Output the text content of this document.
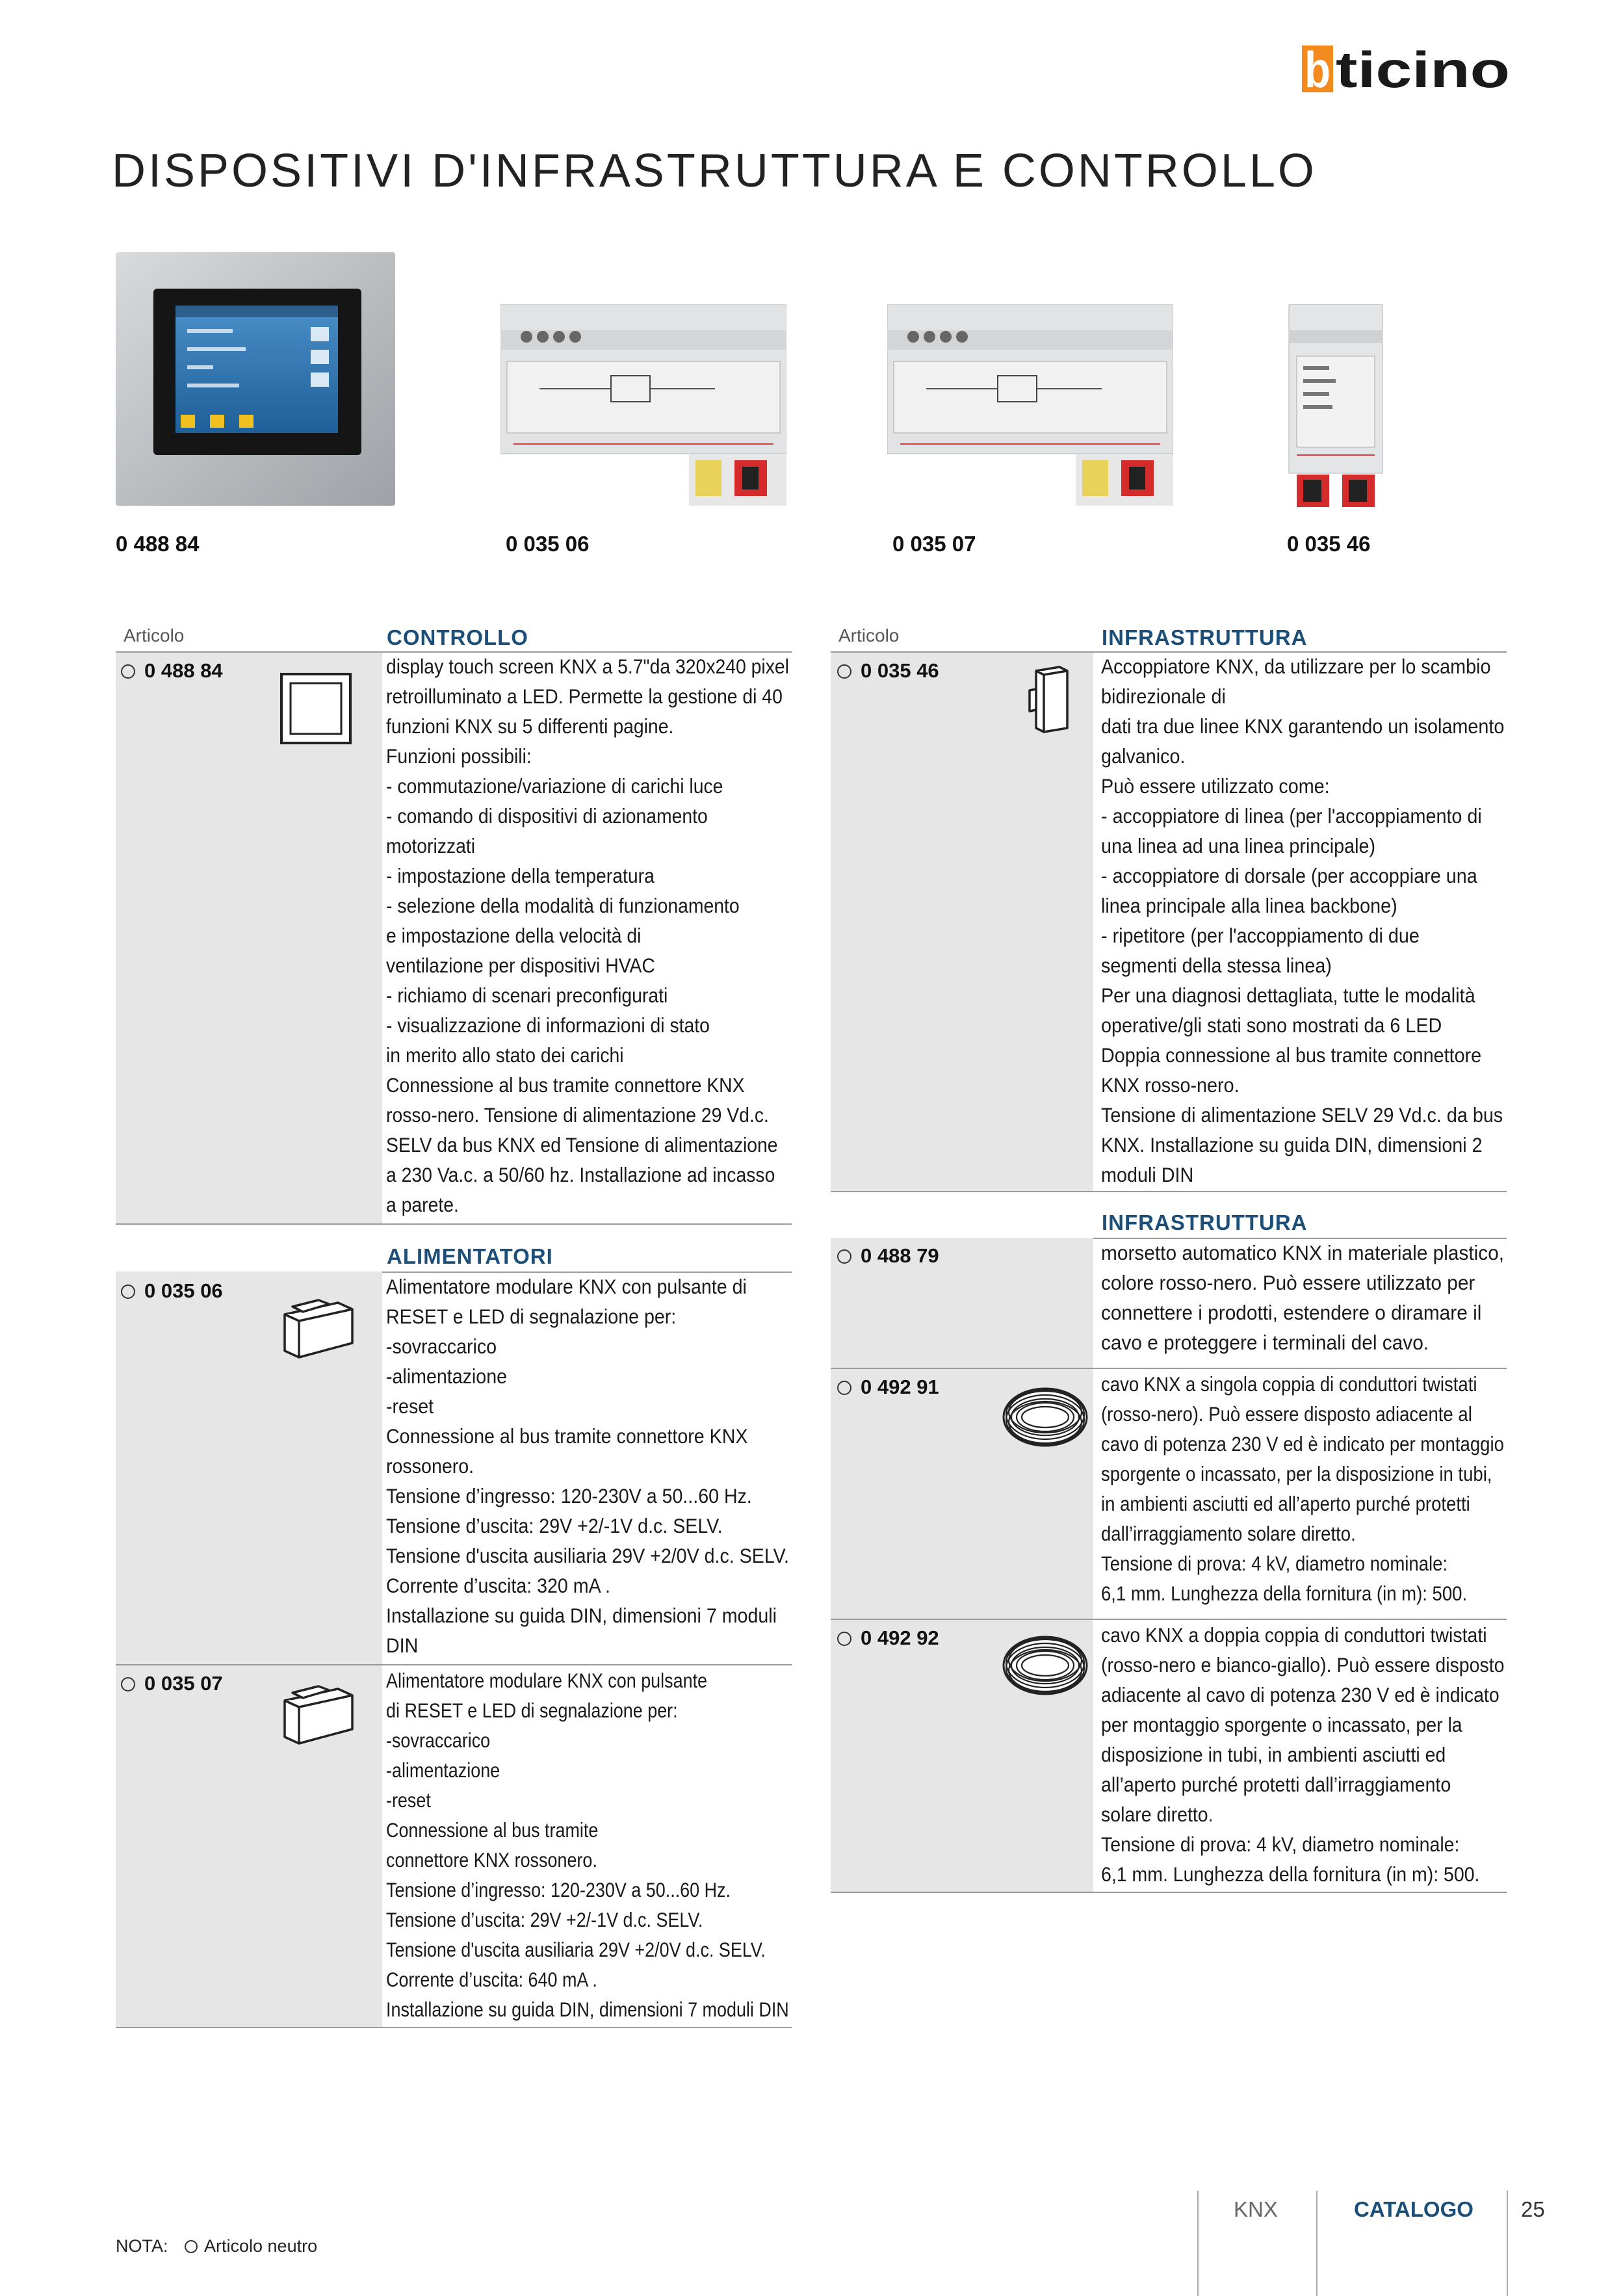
b ticino
DISPOSITIVI D'INFRASTRUTTURA E CONTROLLO
0 488 84	0 035 06	0 035 07	0 035 46
Articolo	CONTROLLO
0 488 84	display touch screen KNX a 5.7"da 320x240 pixel
retroilluminato a LED. Permette la gestione di 40
funzioni KNX su 5 differenti pagine.
Funzioni possibili:
- commutazione/variazione di carichi luce
- comando di dispositivi di azionamento
motorizzati
- impostazione della temperatura
- selezione della modalità di funzionamento
e impostazione della velocità di
ventilazione per dispositivi HVAC
- richiamo di scenari preconfigurati
- visualizzazione di informazioni di stato
in merito allo stato dei carichi
Connessione al bus tramite connettore KNX
rosso-nero. Tensione di alimentazione 29 Vd.c.
SELV da bus KNX ed Tensione di alimentazione
a 230 Va.c. a 50/60 hz. Installazione ad incasso
a parete.
ALIMENTATORI
0 035 06	Alimentatore modulare KNX con pulsante di
RESET e LED di segnalazione per:
-sovraccarico
-alimentazione
-reset
Connessione al bus tramite connettore KNX
rossonero.
Tensione d’ingresso: 120-230V a 50...60 Hz.
Tensione d’uscita: 29V +2/-1V d.c. SELV.
Tensione d'uscita ausiliaria 29V +2/0V d.c. SELV.
Corrente d’uscita: 320 mA .
Installazione su guida DIN, dimensioni 7 moduli
DIN
0 035 07	Alimentatore modulare KNX con pulsante
di RESET e LED di segnalazione per:
-sovraccarico
-alimentazione
-reset
Connessione al bus tramite
connettore KNX rossonero.
Tensione d’ingresso: 120-230V a 50...60 Hz.
Tensione d’uscita: 29V +2/-1V d.c. SELV.
Tensione d'uscita ausiliaria 29V +2/0V d.c. SELV.
Corrente d’uscita: 640 mA .
Installazione su guida DIN, dimensioni 7 moduli DIN
Articolo	INFRASTRUTTURA
0 035 46	Accoppiatore KNX, da utilizzare per lo scambio
bidirezionale di
dati tra due linee KNX garantendo un isolamento
galvanico.
Può essere utilizzato come:
- accoppiatore di linea (per l'accoppiamento di
una linea ad una linea principale)
- accoppiatore di dorsale (per accoppiare una
linea principale alla linea backbone)
- ripetitore (per l'accoppiamento di due
segmenti della stessa linea)
Per una diagnosi dettagliata, tutte le modalità
operative/gli stati sono mostrati da 6 LED
Doppia connessione al bus tramite connettore
KNX rosso-nero.
Tensione di alimentazione SELV 29 Vd.c. da bus
KNX. Installazione su guida DIN, dimensioni 2
moduli DIN
INFRASTRUTTURA
0 488 79	morsetto automatico KNX in materiale plastico,
colore rosso-nero. Può essere utilizzato per
connettere i prodotti, estendere o diramare il
cavo e proteggere i terminali del cavo.
0 492 91	cavo KNX a singola coppia di conduttori twistati
(rosso-nero). Può essere disposto adiacente al
cavo di potenza 230 V ed è indicato per montaggio
sporgente o incassato, per la disposizione in tubi,
in ambienti asciutti ed all’aperto purché protetti
dall’irraggiamento solare diretto.
Tensione di prova: 4 kV, diametro nominale:
6,1 mm. Lunghezza della fornitura (in m): 500.
0 492 92	cavo KNX a doppia coppia di conduttori twistati
(rosso-nero e bianco-giallo). Può essere disposto
adiacente al cavo di potenza 230 V ed è indicato
per montaggio sporgente o incassato, per la
disposizione in tubi, in ambienti asciutti ed
all’aperto purché protetti dall’irraggiamento
solare diretto.
Tensione di prova: 4 kV, diametro nominale:
6,1 mm. Lunghezza della fornitura (in m): 500.
KNX	CATALOGO 25
NOTA:	Articolo neutro
